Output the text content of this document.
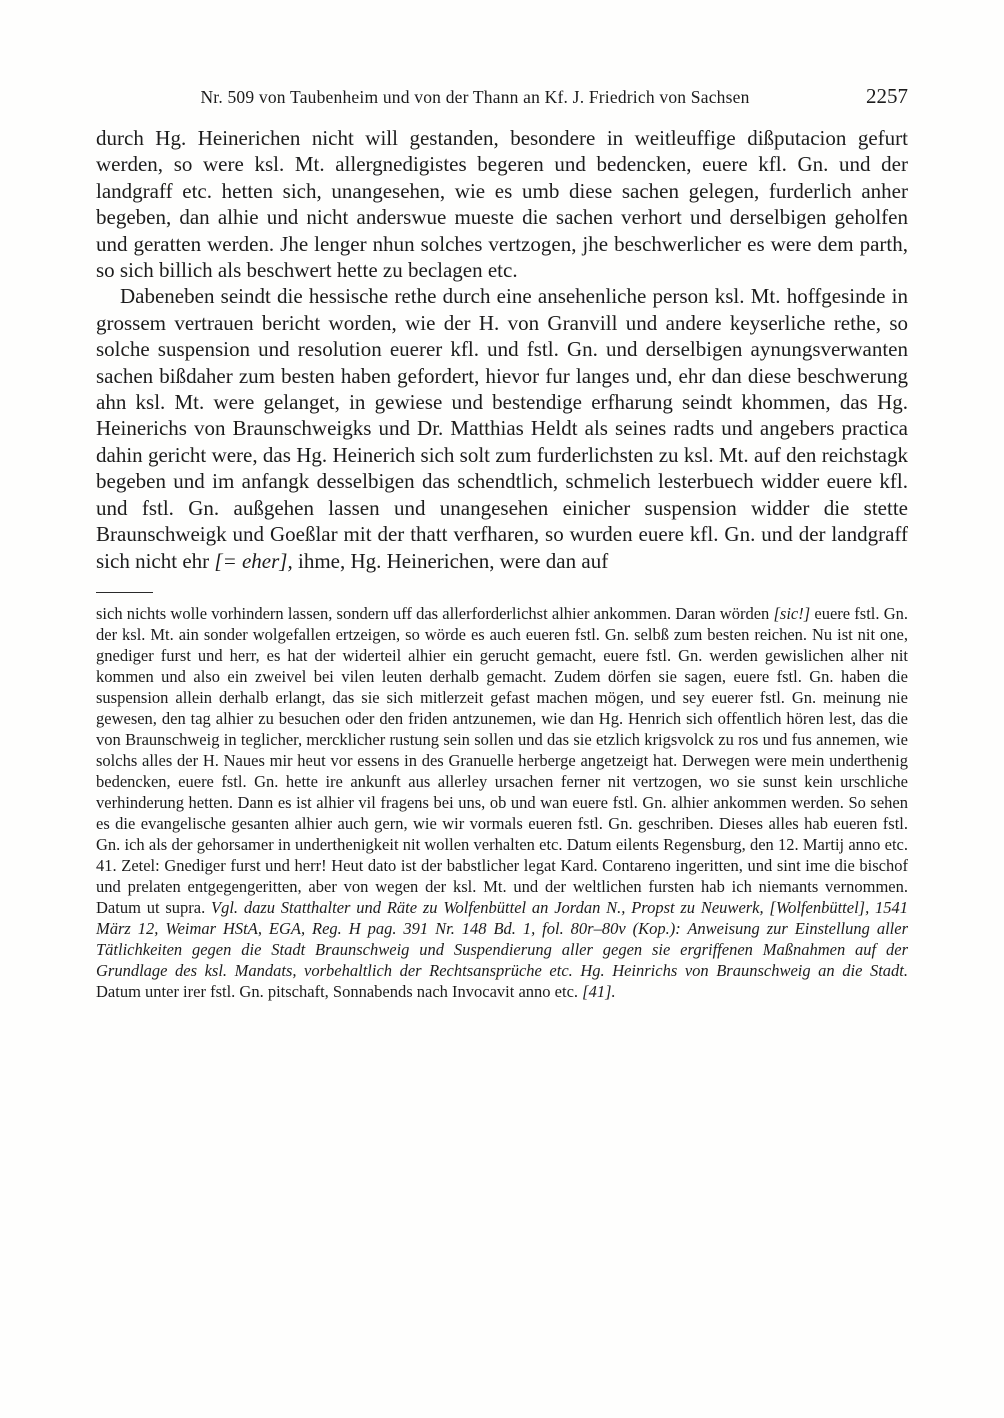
Nr. 509 von Taubenheim und von der Thann an Kf. J. Friedrich von Sachsen	2257

durch Hg. Heinerichen nicht will gestanden, besondere in weitleuffige dißputacion gefurt werden, so were ksl. Mt. allergnedigistes begeren und bedencken, euere kfl. Gn. und der landgraff etc. hetten sich, unangesehen, wie es umb diese sachen gelegen, furderlich anher begeben, dan alhie und nicht anderswue mueste die sachen verhort und derselbigen geholfen und geratten werden. Jhe lenger nhun solches vertzogen, jhe beschwerlicher es were dem parth, so sich billich als beschwert hette zu beclagen etc.

Dabeneben seindt die hessische rethe durch eine ansehenliche person ksl. Mt. hoffgesinde in grossem vertrauen bericht worden, wie der H. von Granvill und andere keyserliche rethe, so solche suspension und resolution euerer kfl. und fstl. Gn. und derselbigen aynungsverwanten sachen bißdaher zum besten haben gefordert, hievor fur langes und, ehr dan diese beschwerung ahn ksl. Mt. were gelanget, in gewiese und bestendige erfharung seindt khommen, das Hg. Heinerichs von Braunschweigks und Dr. Matthias Heldt als seines radts und angebers practica dahin gericht were, das Hg. Heinerich sich solt zum furderlichsten zu ksl. Mt. auf den reichstagk begeben und im anfangk desselbigen das schendtlich, schmelich lesterbuech widder euere kfl. und fstl. Gn. außgehen lassen und unangesehen einicher suspension widder die stette Braunschweigk und Goeßlar mit der thatt verfharen, so wurden euere kfl. Gn. und der landgraff sich nicht ehr [= eher], ihme, Hg. Heinerichen, were dan auf

sich nichts wolle vorhindern lassen, sondern uff das allerforderlichst alhier ankommen. Daran wörden [sic!] euere fstl. Gn. der ksl. Mt. ain sonder wolgefallen ertzeigen, so wörde es auch eueren fstl. Gn. selbß zum besten reichen. Nu ist nit one, gnediger furst und herr, es hat der widerteil alhier ein gerucht gemacht, euere fstl. Gn. werden gewislichen alher nit kommen und also ein zweivel bei vilen leuten derhalb gemacht. Zudem dörfen sie sagen, euere fstl. Gn. haben die suspension allein derhalb erlangt, das sie sich mitlerzeit gefast machen mögen, und sey euerer fstl. Gn. meinung nie gewesen, den tag alhier zu besuchen oder den friden antzunemen, wie dan Hg. Henrich sich offentlich hören lest, das die von Braunschweig in teglicher, mercklicher rustung sein sollen und das sie etzlich krigsvolck zu ros und fus annemen, wie solchs alles der H. Naues mir heut vor essens in des Granuelle herberge angetzeigt hat. Derwegen were mein underthenig bedencken, euere fstl. Gn. hette ire ankunft aus allerley ursachen ferner nit vertzogen, wo sie sunst kein urschliche verhinderung hetten. Dann es ist alhier vil fragens bei uns, ob und wan euere fstl. Gn. alhier ankommen werden. So sehen es die evangelische gesanten alhier auch gern, wie wir vormals eueren fstl. Gn. geschriben. Dieses alles hab eueren fstl. Gn. ich als der gehorsamer in underthenigkeit nit wollen verhalten etc. Datum eilents Regensburg, den 12. Martij anno etc. 41. Zetel: Gnediger furst und herr! Heut dato ist der babstlicher legat Kard. Contareno ingeritten, und sint ime die bischof und prelaten entgegengeritten, aber von wegen der ksl. Mt. und der weltlichen fursten hab ich niemants vernommen. Datum ut supra. Vgl. dazu Statthalter und Räte zu Wolfenbüttel an Jordan N., Propst zu Neuwerk, [Wolfenbüttel], 1541 März 12, Weimar HStA, EGA, Reg. H pag. 391 Nr. 148 Bd. 1, fol. 80r–80v (Kop.): Anweisung zur Einstellung aller Tätlichkeiten gegen die Stadt Braunschweig und Suspendierung aller gegen sie ergriffenen Maßnahmen auf der Grundlage des ksl. Mandats, vorbehaltlich der Rechtsansprüche etc. Hg. Heinrichs von Braunschweig an die Stadt. Datum unter irer fstl. Gn. pitschaft, Sonnabends nach Invocavit anno etc. [41].
